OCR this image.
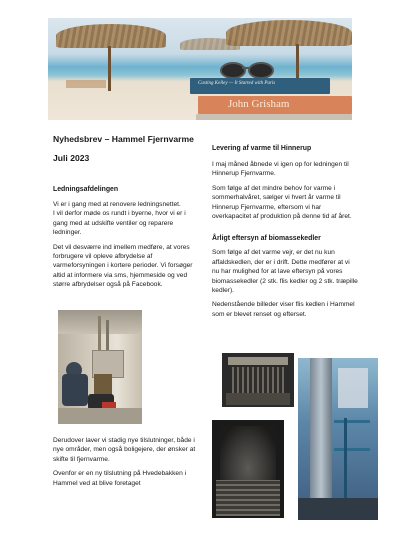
Casting Kelley — It Started with Paris
John Grisham
Nyhedsbrev – Hammel Fjernvarme
Juli 2023

Ledningsafdelingen

Vi er i gang med at renovere ledningsnettet.

I vil derfor møde os rundt i byerne, hvor vi er i

gang med at udskifte ventiler og reparere

ledninger.

Det vil desværre ind imellem medføre, at vores

forbrugere vil opleve afbrydelse af

varmeforsyningen i kortere perioder. Vi forsøger

altid at informere via sms, hjemmeside og ved

større afbrydelser også på Facebook.

Derudover laver vi stadig nye tilslutninger, både i

nye områder, men også boligejere, der ønsker at

skifte til fjernvarme.

Ovenfor er en ny tilslutning på Hvedebakken i

Hammel ved at blive foretaget

Levering af varme til Hinnerup

I maj måned åbnede vi igen op for ledningen til

Hinnerup Fjernvarme.

Som følge af det mindre behov for varme i

sommerhalvåret, sælger vi hvert år varme til

Hinnerup Fjernvarme, eftersom vi har

overkapacitet af produktion på denne tid af året.

Årligt eftersyn af biomassekedler

Som følge af det varme vejr, er det nu kun

affaldskedlen, der er i drift. Dette medfører at vi

nu har mulighed for at lave eftersyn på vores

biomassekedler (2 stk. flis kedler og 2 stk. træpille

kedler).

Nedenstående billeder viser flis kedlen i Hammel

som er blevet renset og efterset.
